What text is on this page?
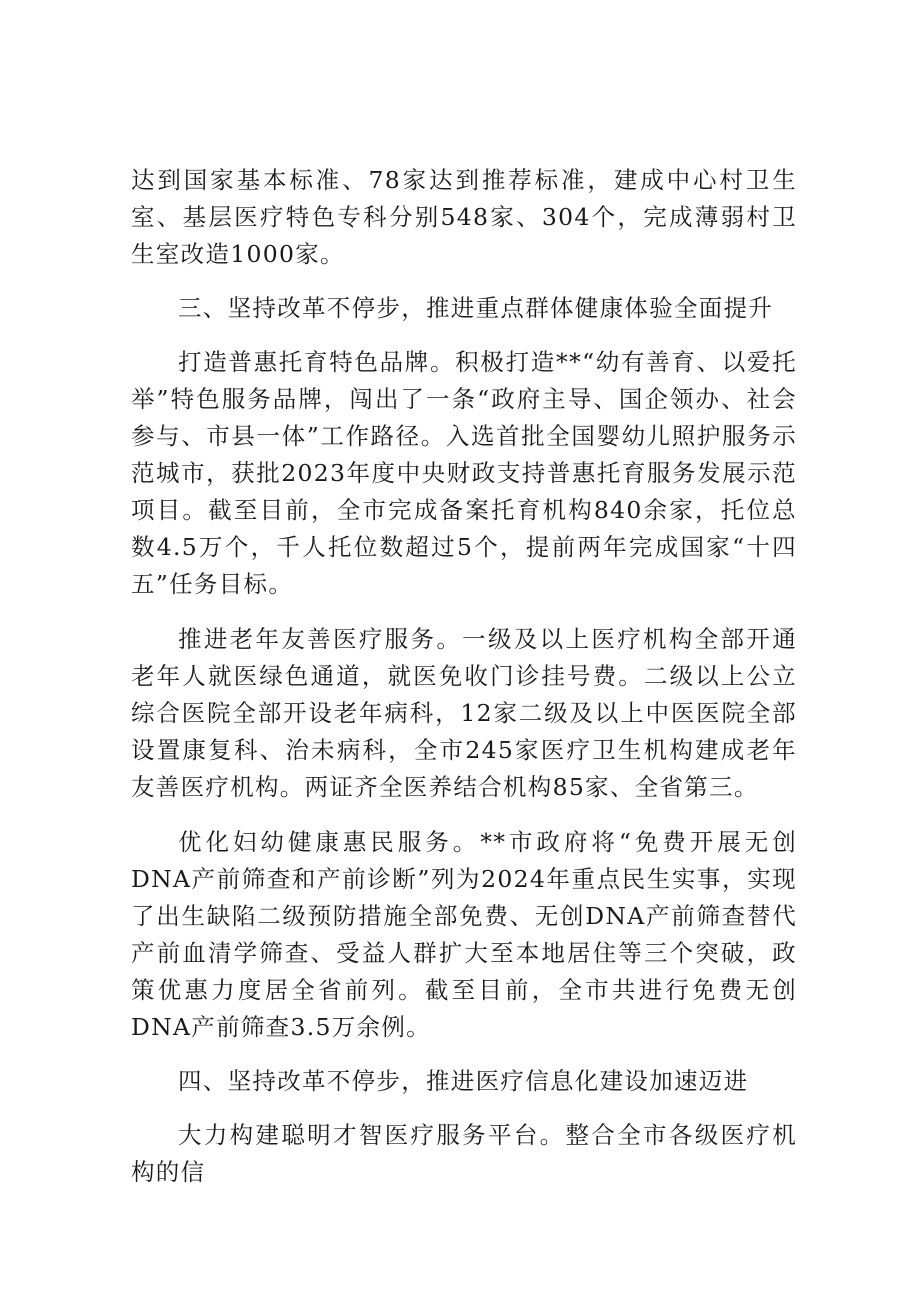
达到国家基本标准、78家达到推荐标准，建成中心村卫生室、基层医疗特色专科分别548家、304个，完成薄弱村卫生室改造1000家。

三、坚持改革不停步，推进重点群体健康体验全面提升

打造普惠托育特色品牌。积极打造**“幼有善育、以爱托举”特色服务品牌，闯出了一条“政府主导、国企领办、社会参与、市县一体”工作路径。入选首批全国婴幼儿照护服务示范城市，获批2023年度中央财政支持普惠托育服务发展示范项目。截至目前，全市完成备案托育机构840余家，托位总数4.5万个，千人托位数超过5个，提前两年完成国家“十四五”任务目标。

推进老年友善医疗服务。一级及以上医疗机构全部开通老年人就医绿色通道，就医免收门诊挂号费。二级以上公立综合医院全部开设老年病科，12家二级及以上中医医院全部设置康复科、治未病科，全市245家医疗卫生机构建成老年友善医疗机构。两证齐全医养结合机构85家、全省第三。

优化妇幼健康惠民服务。**市政府将“免费开展无创DNA产前筛查和产前诊断”列为2024年重点民生实事，实现了出生缺陷二级预防措施全部免费、无创DNA产前筛查替代产前血清学筛查、受益人群扩大至本地居住等三个突破，政策优惠力度居全省前列。截至目前，全市共进行免费无创DNA产前筛查3.5万余例。

四、坚持改革不停步，推进医疗信息化建设加速迈进

大力构建聪明才智医疗服务平台。整合全市各级医疗机构的信
